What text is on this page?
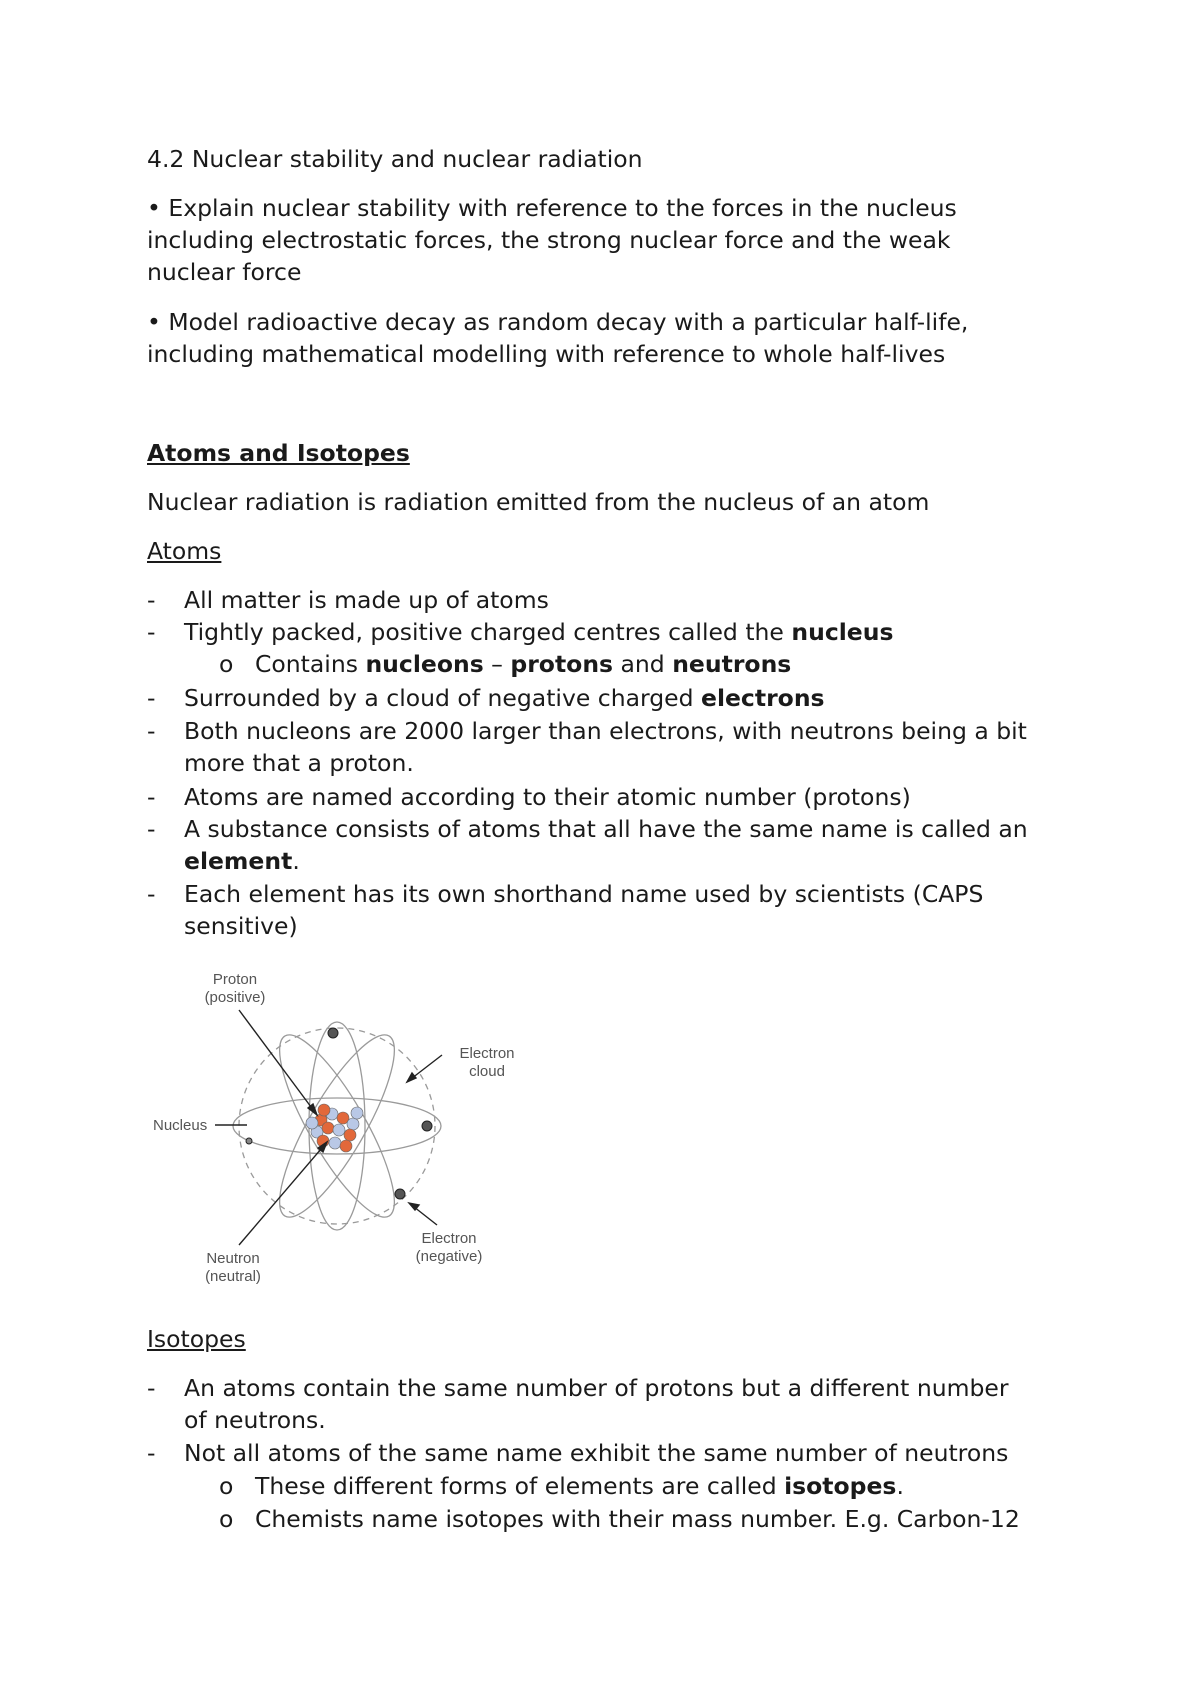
4.2 Nuclear stability and nuclear radiation
• Explain nuclear stability with reference to the forces in the nucleus
including electrostatic forces, the strong nuclear force and the weak
nuclear force
• Model radioactive decay as random decay with a particular half-life,
including mathematical modelling with reference to whole half-lives
Atoms and Isotopes
Nuclear radiation is radiation emitted from the nucleus of an atom
Atoms
- All matter is made up of atoms
- Tightly packed, positive charged centres called the nucleus
o Contains nucleons – protons and neutrons
- Surrounded by a cloud of negative charged electrons
- Both nucleons are 2000 larger than electrons, with neutrons being a bit
more that a proton.
- Atoms are named according to their atomic number (protons)
- A substance consists of atoms that all have the same name is called an
element.
- Each element has its own shorthand name used by scientists (CAPS
sensitive)
Proton
(positive)
Electron
cloud
Nucleus
Neutron
(neutral)
Electron
(negative)
Isotopes
- An atoms contain the same number of protons but a different number
of neutrons.
- Not all atoms of the same name exhibit the same number of neutrons
o These different forms of elements are called isotopes.
o Chemists name isotopes with their mass number. E.g. Carbon-12
